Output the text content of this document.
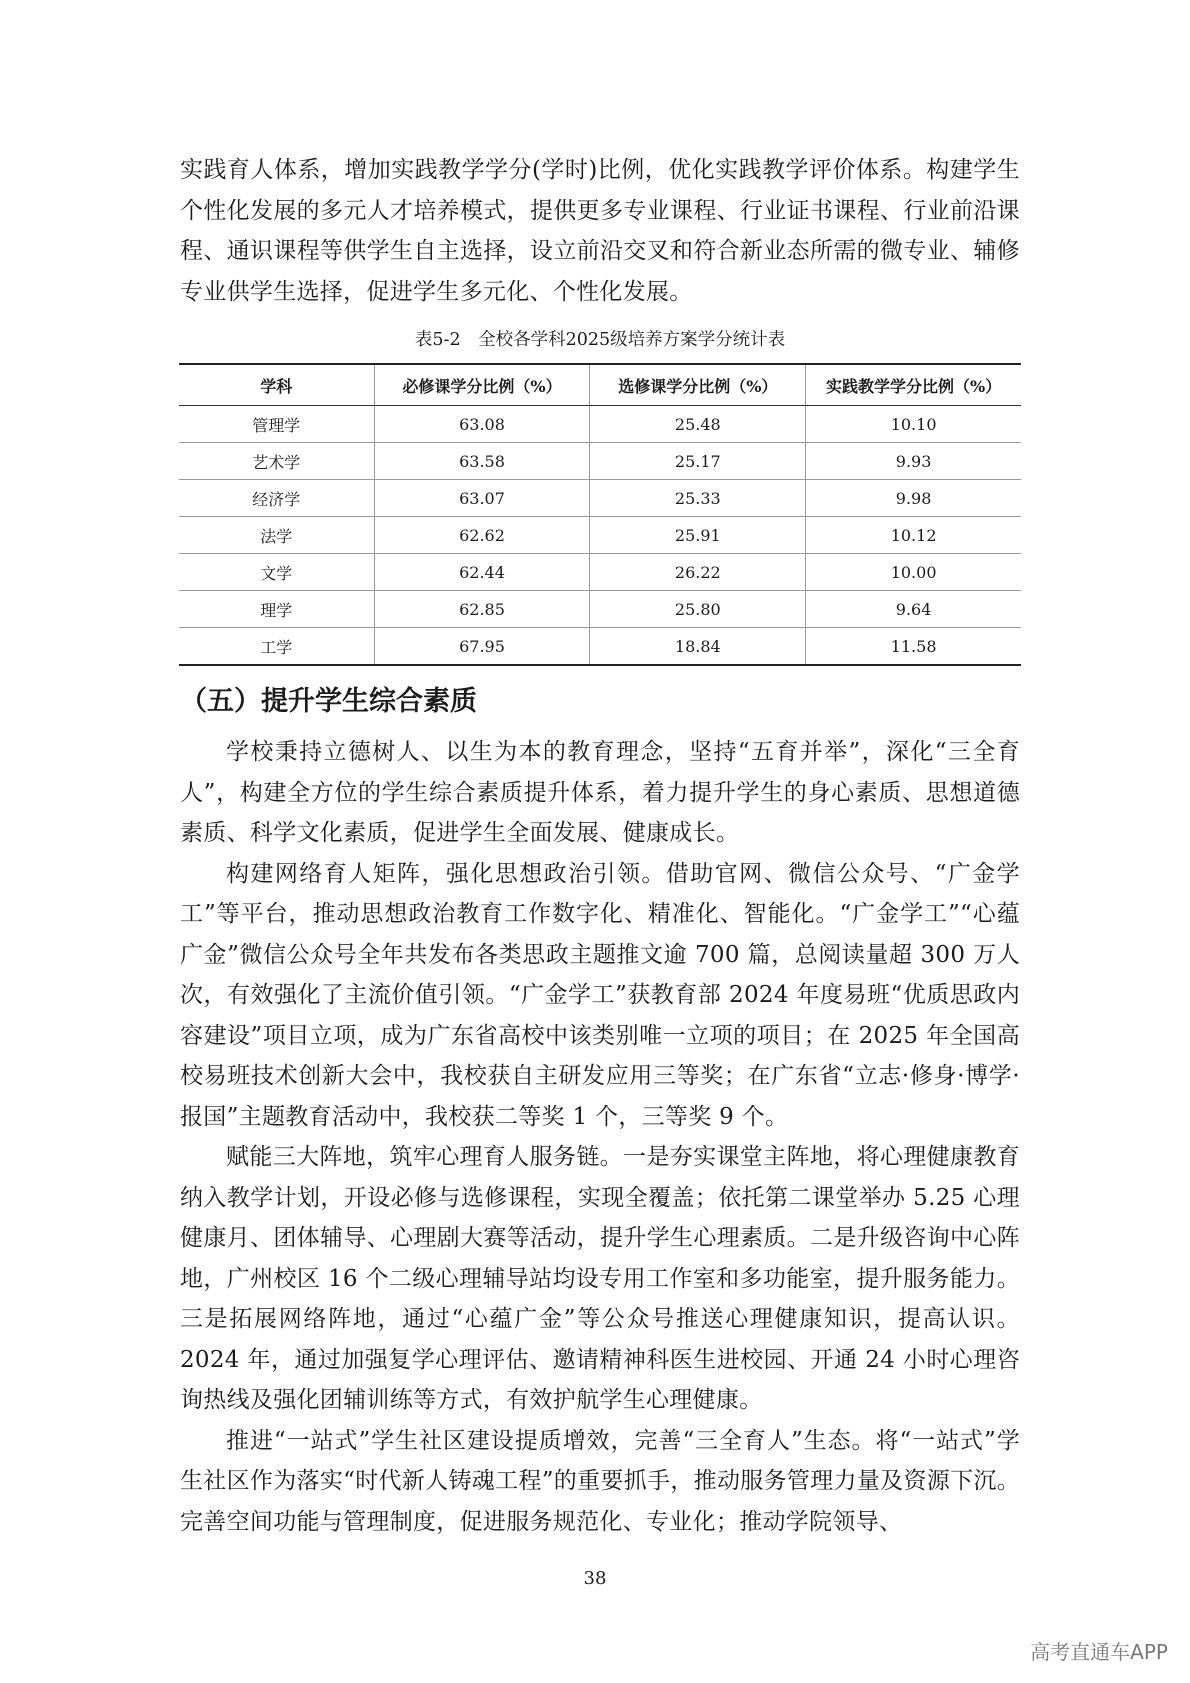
实践育人体系，增加实践教学学分(学时)比例，优化实践教学评价体系。构建学生个性化发展的多元人才培养模式，提供更多专业课程、行业证书课程、行业前沿课程、通识课程等供学生自主选择，设立前沿交叉和符合新业态所需的微专业、辅修专业供学生选择，促进学生多元化、个性化发展。

表5-2　全校各学科2025级培养方案学分统计表
学科	必修课学分比例（%）	选修课学分比例（%）	实践教学学分比例（%）
管理学	63.08	25.48	10.10
艺术学	63.58	25.17	9.93
经济学	63.07	25.33	9.98
法学	62.62	25.91	10.12
文学	62.44	26.22	10.00
理学	62.85	25.80	9.64
工学	67.95	18.84	11.58
（五）提升学生综合素质

学校秉持立德树人、以生为本的教育理念，坚持“五育并举”，深化“三全育人”，构建全方位的学生综合素质提升体系，着力提升学生的身心素质、思想道德素质、科学文化素质，促进学生全面发展、健康成长。

构建网络育人矩阵，强化思想政治引领。借助官网、微信公众号、“广金学工”等平台，推动思想政治教育工作数字化、精准化、智能化。“广金学工”“心蕴广金”微信公众号全年共发布各类思政主题推文逾 700 篇，总阅读量超 300 万人次，有效强化了主流价值引领。“广金学工”获教育部 2024 年度易班“优质思政内容建设”项目立项，成为广东省高校中该类别唯一立项的项目；在 2025 年全国高校易班技术创新大会中，我校获自主研发应用三等奖；在广东省“立志·修身·博学·报国”主题教育活动中，我校获二等奖 1 个，三等奖 9 个。

赋能三大阵地，筑牢心理育人服务链。一是夯实课堂主阵地，将心理健康教育纳入教学计划，开设必修与选修课程，实现全覆盖；依托第二课堂举办 5.25 心理健康月、团体辅导、心理剧大赛等活动，提升学生心理素质。二是升级咨询中心阵地，广州校区 16 个二级心理辅导站均设专用工作室和多功能室，提升服务能力。三是拓展网络阵地，通过“心蕴广金”等公众号推送心理健康知识，提高认识。2024 年，通过加强复学心理评估、邀请精神科医生进校园、开通 24 小时心理咨询热线及强化团辅训练等方式，有效护航学生心理健康。

推进“一站式”学生社区建设提质增效，完善“三全育人”生态。将“一站式”学生社区作为落实“时代新人铸魂工程”的重要抓手，推动服务管理力量及资源下沉。完善空间功能与管理制度，促进服务规范化、专业化；推动学院领导、

38
高考直通车APP
